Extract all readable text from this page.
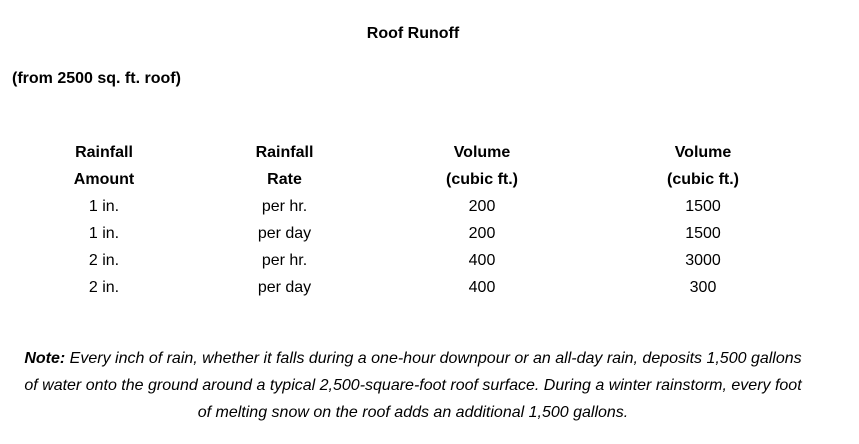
Roof Runoff
(from 2500 sq. ft. roof)
Rainfall	Rainfall	Volume	Volume
Amount	Rate	(cubic ft.)	(cubic ft.)
1 in.	per hr.	200	1500
1 in.	per day	200	1500
2 in.	per hr.	400	3000
2 in.	per day	400	300
Note: Every inch of rain, whether it falls during a one-hour downpour or an all-day rain, deposits 1,500 gallons of water onto the ground around a typical 2,500-square-foot roof surface. During a winter rainstorm, every foot of melting snow on the roof adds an additional 1,500 gallons.
